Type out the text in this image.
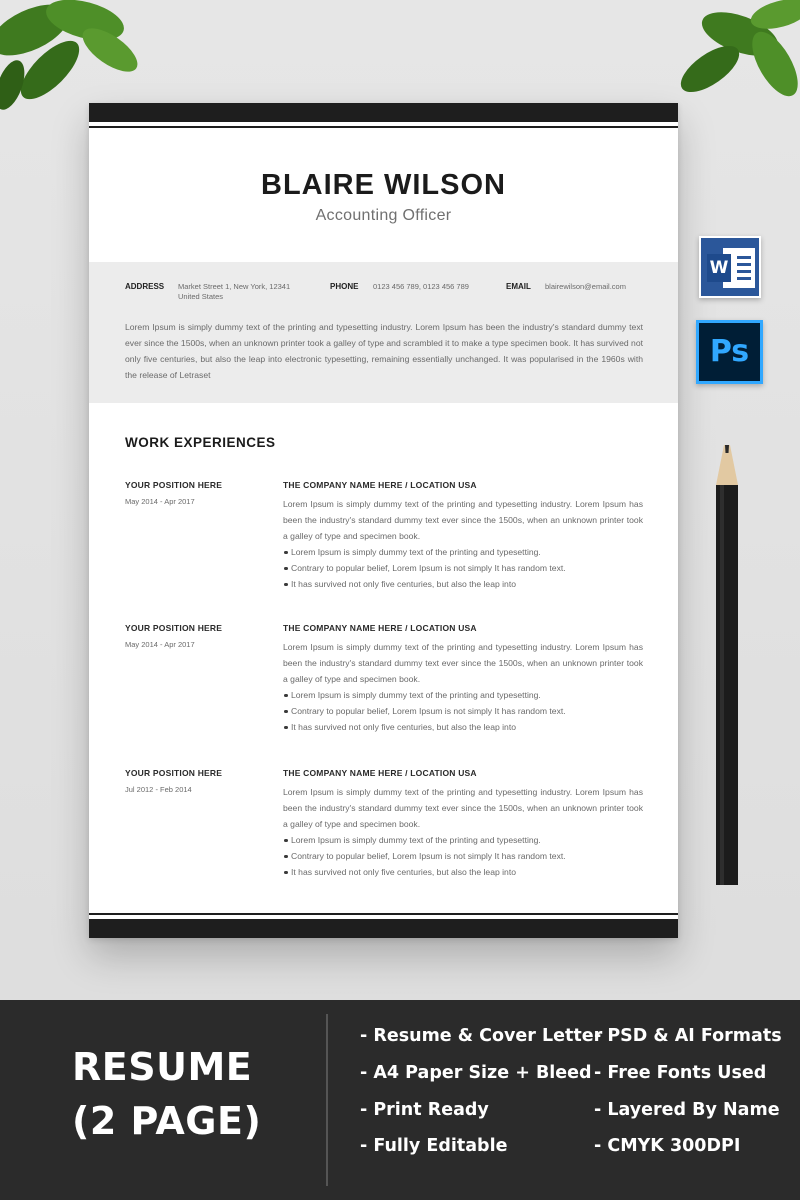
BLAIRE WILSON
Accounting Officer
ADDRESS Market Street 1, New York, 12341
United States
PHONE 0123 456 789, 0123 456 789	EMAIL blairewilson@email.com
Lorem Ipsum is simply dummy text of the printing and typesetting industry. Lorem Ipsum has been the industry's standard dummy text ever since the 1500s, when an unknown printer took a galley of type and scrambled it to make a type specimen book. It has survived not only five centuries, but also the leap into electronic typesetting, remaining essentially unchanged. It was popularised in the 1960s with the release of Letraset
WORK EXPERIENCES
YOUR POSITION HERE
May 2014 - Apr 2017
THE COMPANY NAME HERE / LOCATION USA
Lorem Ipsum is simply dummy text of the printing and typesetting industry. Lorem Ipsum has been the industry's standard dummy text ever since the 1500s, when an unknown printer took a galley of type and specimen book.
Lorem Ipsum is simply dummy text of the printing and typesetting.
Contrary to popular belief, Lorem Ipsum is not simply It has random text.
It has survived not only five centuries, but also the leap into
YOUR POSITION HERE
May 2014 - Apr 2017
THE COMPANY NAME HERE / LOCATION USA
Lorem Ipsum is simply dummy text of the printing and typesetting industry. Lorem Ipsum has been the industry's standard dummy text ever since the 1500s, when an unknown printer took a galley of type and specimen book.
Lorem Ipsum is simply dummy text of the printing and typesetting.
Contrary to popular belief, Lorem Ipsum is not simply It has random text.
It has survived not only five centuries, but also the leap into
YOUR POSITION HERE
Jul 2012 - Feb 2014
THE COMPANY NAME HERE / LOCATION USA
Lorem Ipsum is simply dummy text of the printing and typesetting industry. Lorem Ipsum has been the industry's standard dummy text ever since the 1500s, when an unknown printer took a galley of type and specimen book.
Lorem Ipsum is simply dummy text of the printing and typesetting.
Contrary to popular belief, Lorem Ipsum is not simply It has random text.
It has survived not only five centuries, but also the leap into
W
Ps
RESUME
(2 PAGE)
- Resume & Cover Letter
- A4 Paper Size + Bleed
- Print Ready
- Fully Editable
- PSD & AI Formats
- Free Fonts Used
- Layered By Name
- CMYK 300DPI
